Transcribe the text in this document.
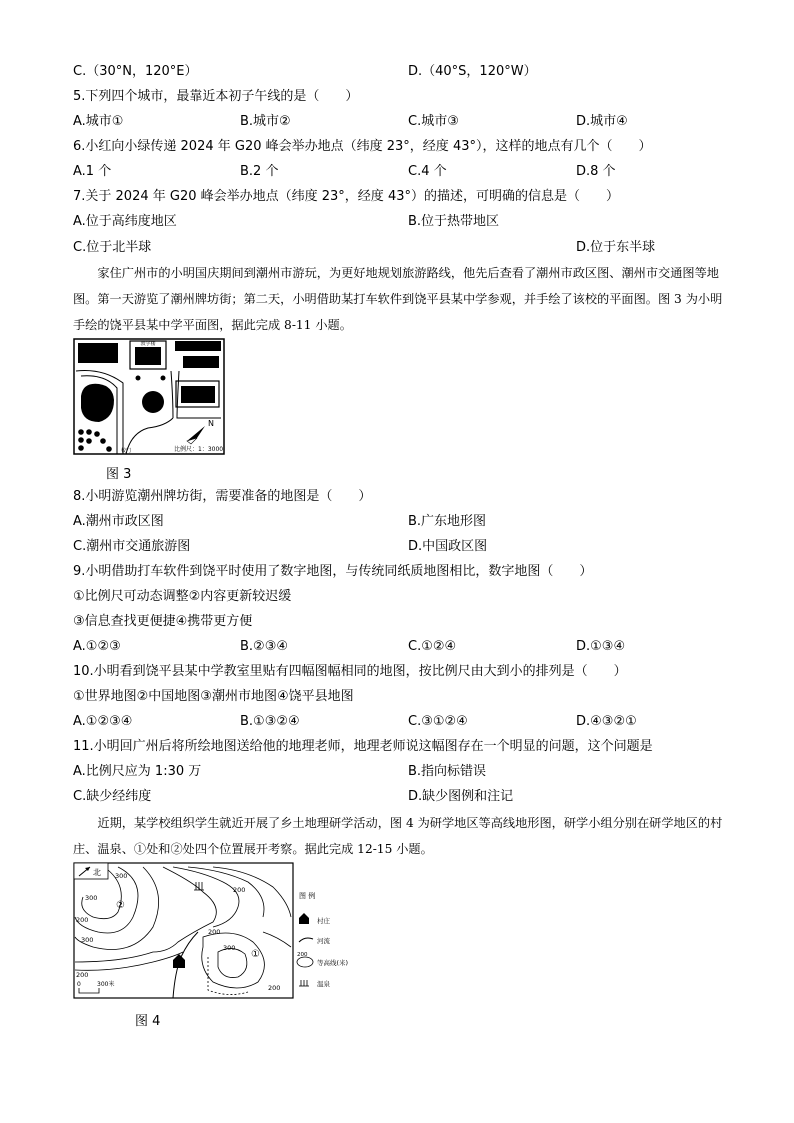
C.（30°N，120°E）	D.（40°S，120°W）
5.下列四个城市，最靠近本初子午线的是（　　）
A.城市①	B.城市②	C.城市③	D.城市④
6.小红向小绿传递 2024 年 G20 峰会举办地点（纬度 23°，经度 43°），这样的地点有几个（　　）
A.1 个	B.2 个	C.4 个	D.8 个
7.关于 2024 年 G20 峰会举办地点（纬度 23°，经度 43°）的描述，可明确的信息是（　　）
A.位于高纬度地区	B.位于热带地区
C.位于北半球	D.位于东半球

家住广州市的小明国庆期间到潮州市游玩，为更好地规划旅游路线，他先后查看了潮州市政区图、潮州市交通图等地图。第一天游览了潮州牌坊街；第二天，小明借助某打车软件到饶平县某中学参观，并手绘了该校的平面图。图 3 为小明手绘的饶平县某中学平面图，据此完成 8-11 小题。

教学楼
校门
N
比例尺：1：3000
图 3
8.小明游览潮州牌坊街，需要准备的地图是（　　）
A.潮州市政区图	B.广东地形图
C.潮州市交通旅游图	D.中国政区图
9.小明借助打车软件到饶平时使用了数字地图，与传统同纸质地图相比，数字地图（　　）
①比例尺可动态调整②内容更新较迟缓
③信息查找更便捷④携带更方便
A.①②③	B.②③④	C.①②④	D.①③④
10.小明看到饶平县某中学教室里贴有四幅图幅相同的地图，按比例尺由大到小的排列是（　　）
①世界地图②中国地图③潮州市地图④饶平县地图
A.①②③④	B.①③②④	C.③①②④	D.④③②①
11.小明回广州后将所绘地图送给他的地理老师，地理老师说这幅图存在一个明显的问题，这个问题是
A.比例尺应为 1:30 万	B.指向标错误
C.缺少经纬度	D.缺少图例和注记

近期，某学校组织学生就近开展了乡土地理研学活动，图 4 为研学地区等高线地形图，研学小组分别在研学地区的村庄、温泉、①处和②处四个位置展开考察。据此完成 12-15 小题。

北 300
300
200
300
200
300
200
200
200
②
①
0	300米
图 例
村庄
河流
200
等高线(米)
温泉
图 4
